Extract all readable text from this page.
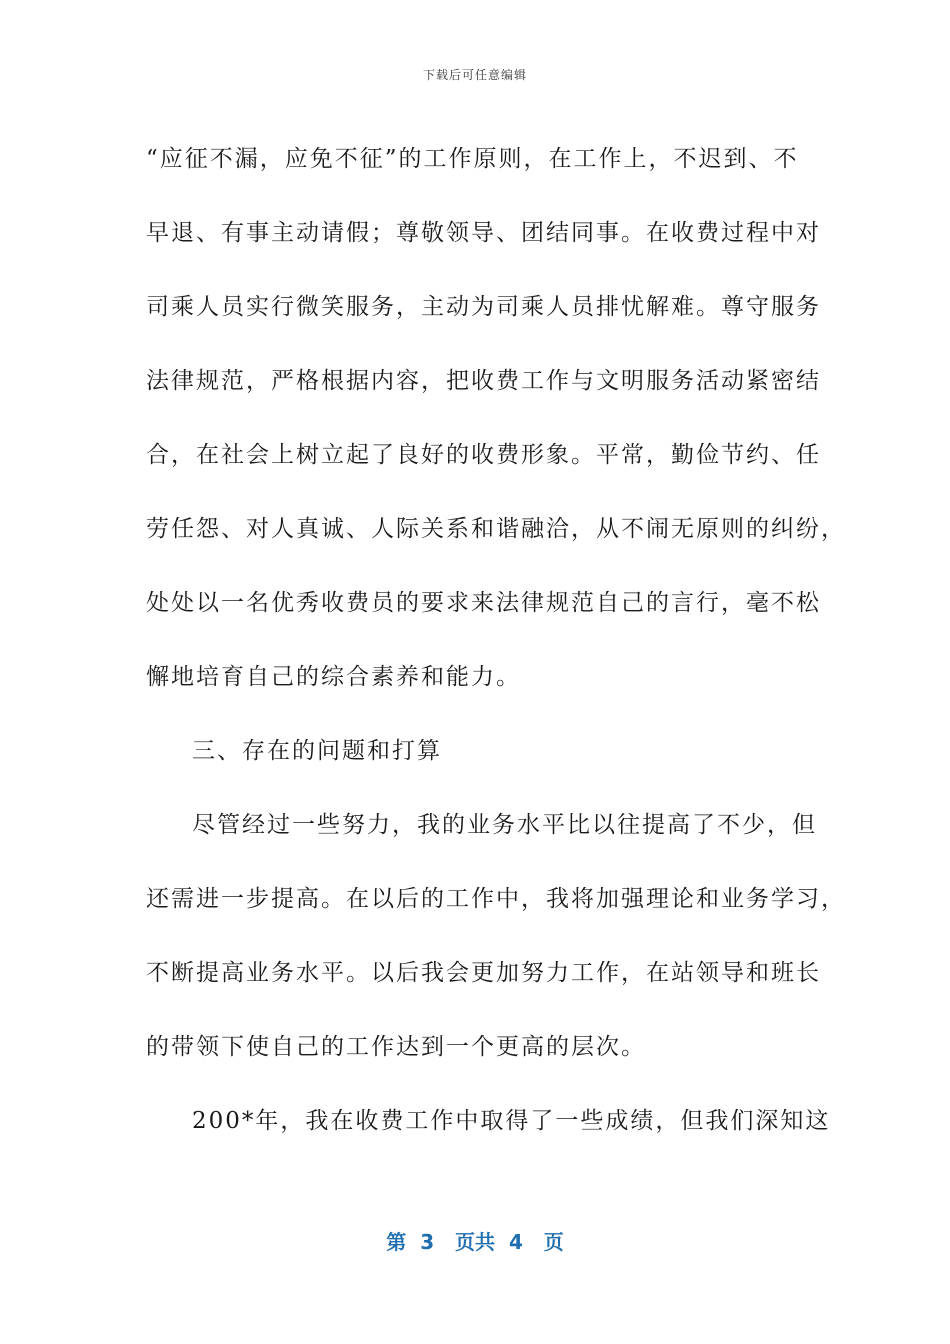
下载后可任意编辑
“应征不漏，应免不征”的工作原则，在工作上，不迟到、不
早退、有事主动请假；尊敬领导、团结同事。在收费过程中对
司乘人员实行微笑服务，主动为司乘人员排忧解难。尊守服务
法律规范，严格根据内容，把收费工作与文明服务活动紧密结
合，在社会上树立起了良好的收费形象。平常，勤俭节约、任
劳任怨、对人真诚、人际关系和谐融洽，从不闹无原则的纠纷，
处处以一名优秀收费员的要求来法律规范自己的言行，毫不松
懈地培育自己的综合素养和能力。
三、存在的问题和打算
尽管经过一些努力，我的业务水平比以往提高了不少，但
还需进一步提高。在以后的工作中，我将加强理论和业务学习，
不断提高业务水平。以后我会更加努力工作，在站领导和班长
的带领下使自己的工作达到一个更高的层次。
200*年，我在收费工作中取得了一些成绩，但我们深知这
第 3 页共 4 页
